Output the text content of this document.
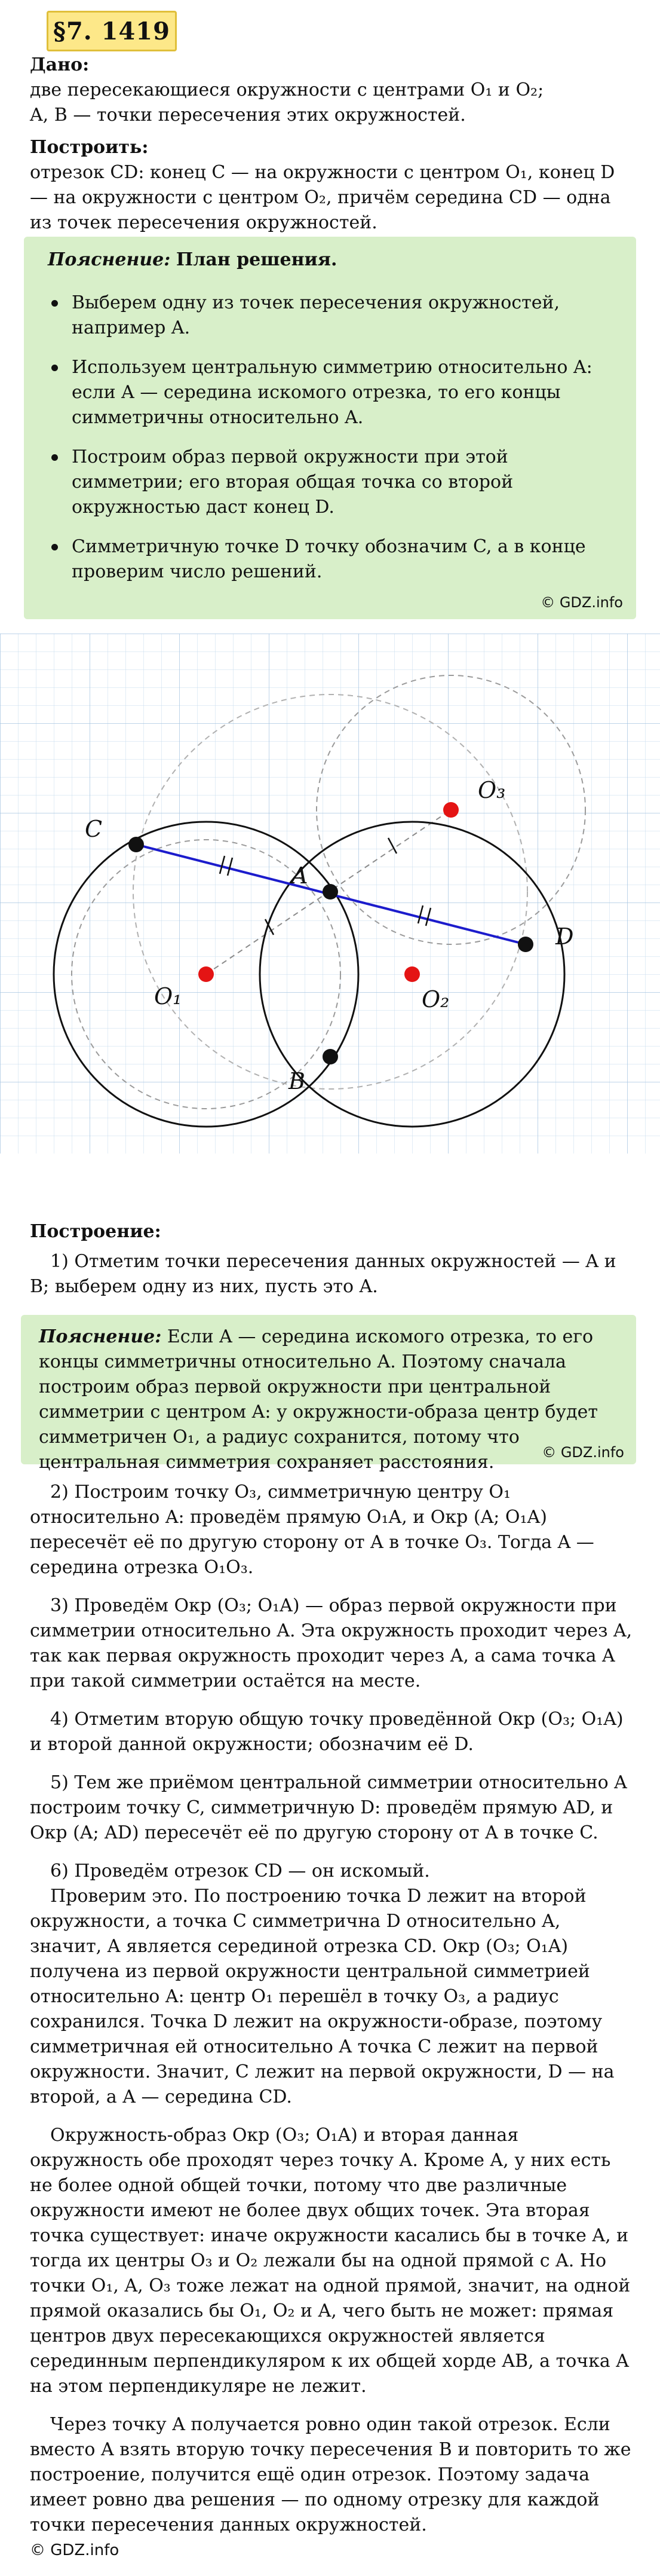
§7. 1419

Дано:

две пересекающиеся окружности с центрами O₁ и O₂;

A, B — точки пересечения этих окружностей.

Построить:

отрезок CD: конец C — на окружности с центром O₁, конец D — на окружности с центром O₂, причём середина CD — одна из точек пересечения окружностей.

Пояснение: План решения.
Выберем одну из точек пересечения окружностей, например A.
Используем центральную симметрию относительно A: если A — середина искомого отрезка, то его концы симметричны относительно A.
Построим образ первой окружности при этой симметрии; его вторая общая точка со второй окружностью даст конец D.
Симметричную точке D точку обозначим C, а в конце проверим число решений.
© GDZ.info
C
A
D
B
O₁	O₂
O₃

Построение:

1) Отметим точки пересечения данных окружностей — A и B; выберем одну из них, пусть это A.

Пояснение: Если A — середина искомого отрезка, то его концы симметричны относительно A. Поэтому сначала построим образ первой окружности при центральной симметрии с центром A: у окружности-образа центр будет симметричен O₁, а радиус сохранится, потому что центральная симметрия сохраняет расстояния.	© GDZ.info

2) Построим точку O₃, симметричную центру O₁ относительно A: проведём прямую O₁A, и Окр (A; O₁A) пересечёт её по другую сторону от A в точке O₃. Тогда A — середина отрезка O₁O₃.

3) Проведём Окр (O₃; O₁A) — образ первой окружности при симметрии относительно A. Эта окружность проходит через A, так как первая окружность проходит через A, а сама точка A при такой симметрии остаётся на месте.

4) Отметим вторую общую точку проведённой Окр (O₃; O₁A) и второй данной окружности; обозначим её D.

5) Тем же приёмом центральной симметрии относительно A построим точку C, симметричную D: проведём прямую AD, и Окр (A; AD) пересечёт её по другую сторону от A в точке C.

6) Проведём отрезок CD — он искомый.

Проверим это. По построению точка D лежит на второй окружности, а точка C симметрична D относительно A, значит, A является серединой отрезка CD. Окр (O₃; O₁A) получена из первой окружности центральной симметрией относительно A: центр O₁ перешёл в точку O₃, а радиус сохранился. Точка D лежит на окружности-образе, поэтому симметричная ей относительно A точка C лежит на первой окружности. Значит, C лежит на первой окружности, D — на второй, а A — середина CD.

Окружность-образ Окр (O₃; O₁A) и вторая данная окружность обе проходят через точку A. Кроме A, у них есть не более одной общей точки, потому что две различные окружности имеют не более двух общих точек. Эта вторая точка существует: иначе окружности касались бы в точке A, и тогда их центры O₃ и O₂ лежали бы на одной прямой с A. Но точки O₁, A, O₃ тоже лежат на одной прямой, значит, на одной прямой оказались бы O₁, O₂ и A, чего быть не может: прямая центров двух пересекающихся окружностей является серединным перпендикуляром к их общей хорде AB, а точка A на этом перпендикуляре не лежит.

Через точку A получается ровно один такой отрезок. Если вместо A взять вторую точку пересечения B и повторить то же построение, получится ещё один отрезок. Поэтому задача имеет ровно два решения — по одному отрезку для каждой точки пересечения данных окружностей.

© GDZ.info
